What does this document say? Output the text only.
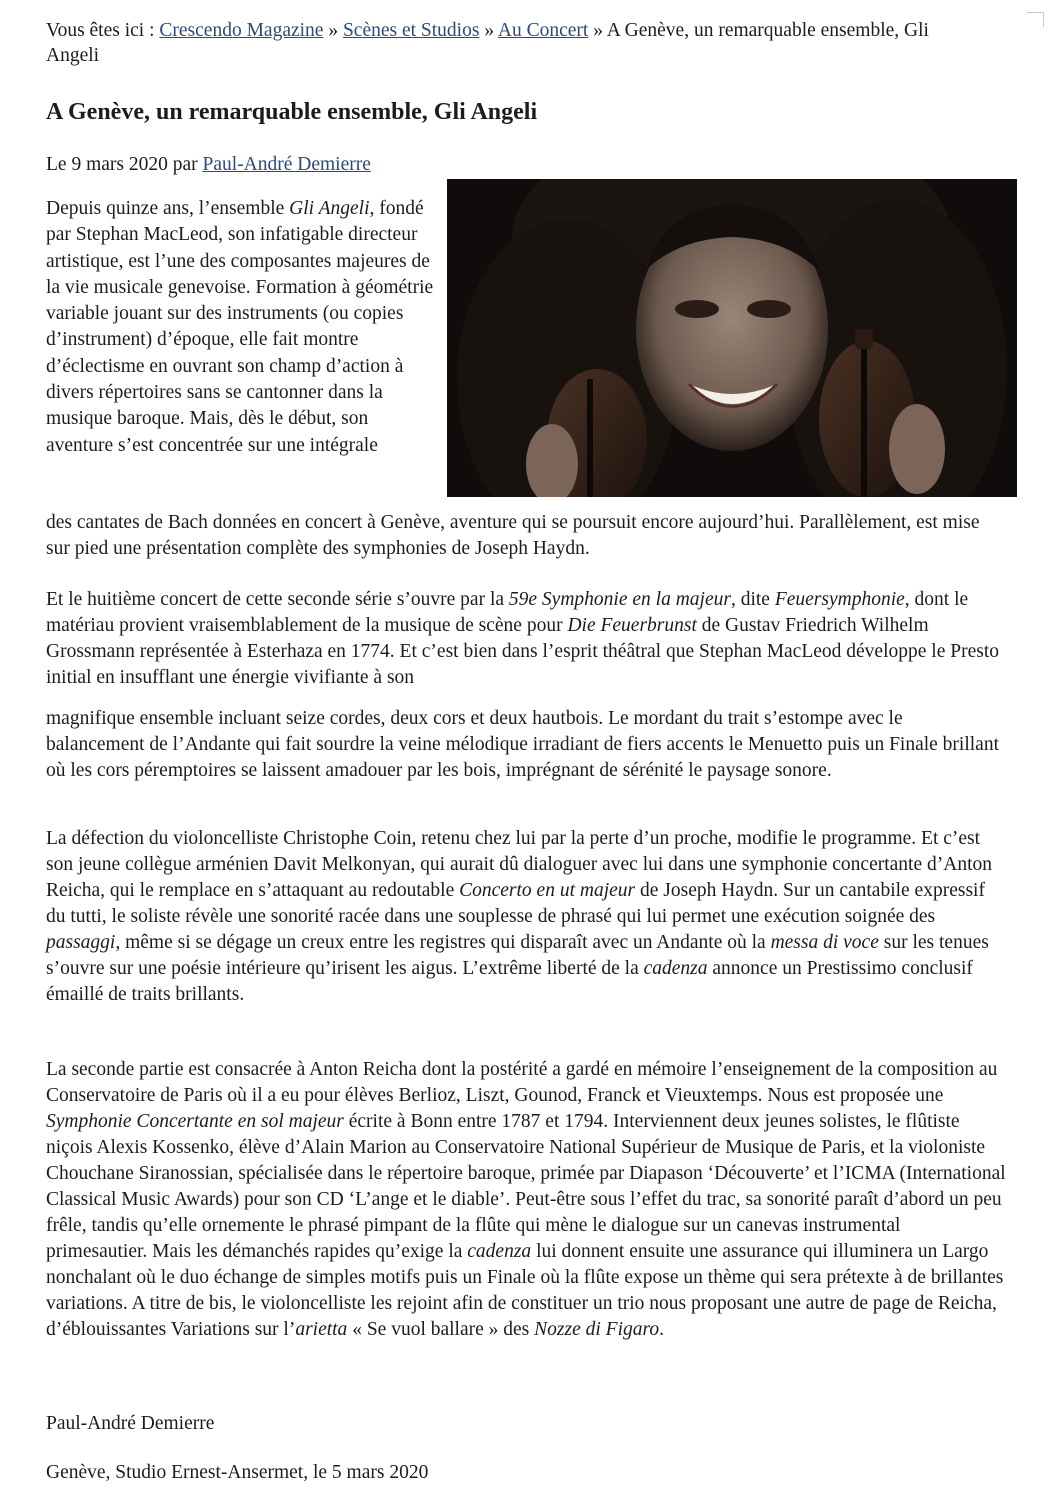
Vous êtes ici : Crescendo Magazine » Scènes et Studios » Au Concert » A Genève, un remarquable ensemble, Gli Angeli
A Genève, un remarquable ensemble, Gli Angeli
Le 9 mars 2020 par Paul-André Demierre

Depuis quinze ans, l’ensemble Gli Angeli, fondé par Stephan MacLeod, son infatigable directeur artistique, est l’une des composantes majeures de la vie musicale genevoise. Formation à géométrie variable jouant sur des instruments (ou copies d’instrument) d’époque, elle fait montre d’éclectisme en ouvrant son champ d’action à divers répertoires sans se cantonner dans la musique baroque. Mais, dès le début, son aventure s’est concentrée sur une intégrale

des cantates de Bach données en concert à Genève, aventure qui se poursuit encore aujourd’hui. Parallèlement, est mise sur pied une présentation complète des symphonies de Joseph Haydn.

Et le huitième concert de cette seconde série s’ouvre par la 59e Symphonie en la majeur, dite Feuersymphonie, dont le matériau provient vraisemblablement de la musique de scène pour Die Feuerbrunst de Gustav Friedrich Wilhelm Grossmann représentée à Esterhaza en 1774. Et c’est bien dans l’esprit théâtral que Stephan MacLeod développe le Presto initial en insufflant une énergie vivifiante à son

magnifique ensemble incluant seize cordes, deux cors et deux hautbois. Le mordant du trait s’estompe avec le balancement de l’Andante qui fait sourdre la veine mélodique irradiant de fiers accents le Menuetto puis un Finale brillant où les cors péremptoires se laissent amadouer par les bois, imprégnant de sérénité le paysage sonore.

La défection du violoncelliste Christophe Coin, retenu chez lui par la perte d’un proche, modifie le programme. Et c’est son jeune collègue arménien Davit Melkonyan, qui aurait dû dialoguer avec lui dans une symphonie concertante d’Anton Reicha, qui le remplace en s’attaquant au redoutable Concerto en ut majeur de Joseph Haydn. Sur un cantabile expressif du tutti, le soliste révèle une sonorité racée dans une souplesse de phrasé qui lui permet une exécution soignée des passaggi, même si se dégage un creux entre les registres qui disparaît avec un Andante où la messa di voce sur les tenues s’ouvre sur une poésie intérieure qu’irisent les aigus. L’extrême liberté de la cadenza annonce un Prestissimo conclusif émaillé de traits brillants.

La seconde partie est consacrée à Anton Reicha dont la postérité a gardé en mémoire l’enseignement de la composition au Conservatoire de Paris où il a eu pour élèves Berlioz, Liszt, Gounod, Franck et Vieuxtemps. Nous est proposée une Symphonie Concertante en sol majeur écrite à Bonn entre 1787 et 1794. Interviennent deux jeunes solistes, le flûtiste niçois Alexis Kossenko, élève d’Alain Marion au Conservatoire National Supérieur de Musique de Paris, et la violoniste Chouchane Siranossian, spécialisée dans le répertoire baroque, primée par Diapason ‘Découverte’ et l’ICMA (International Classical Music Awards) pour son CD ‘L’ange et le diable’. Peut-être sous l’effet du trac, sa sonorité paraît d’abord un peu frêle, tandis qu’elle ornemente le phrasé pimpant de la flûte qui mène le dialogue sur un canevas instrumental primesautier. Mais les démanchés rapides qu’exige la cadenza lui donnent ensuite une assurance qui illuminera un Largo nonchalant où le duo échange de simples motifs puis un Finale où la flûte expose un thème qui sera prétexte à de brillantes variations. A titre de bis, le violoncelliste les rejoint afin de constituer un trio nous proposant une autre de page de Reicha, d’éblouissantes Variations sur l’arietta « Se vuol ballare » des Nozze di Figaro.

Paul-André Demierre

Genève, Studio Ernest-Ansermet, le 5 mars 2020
